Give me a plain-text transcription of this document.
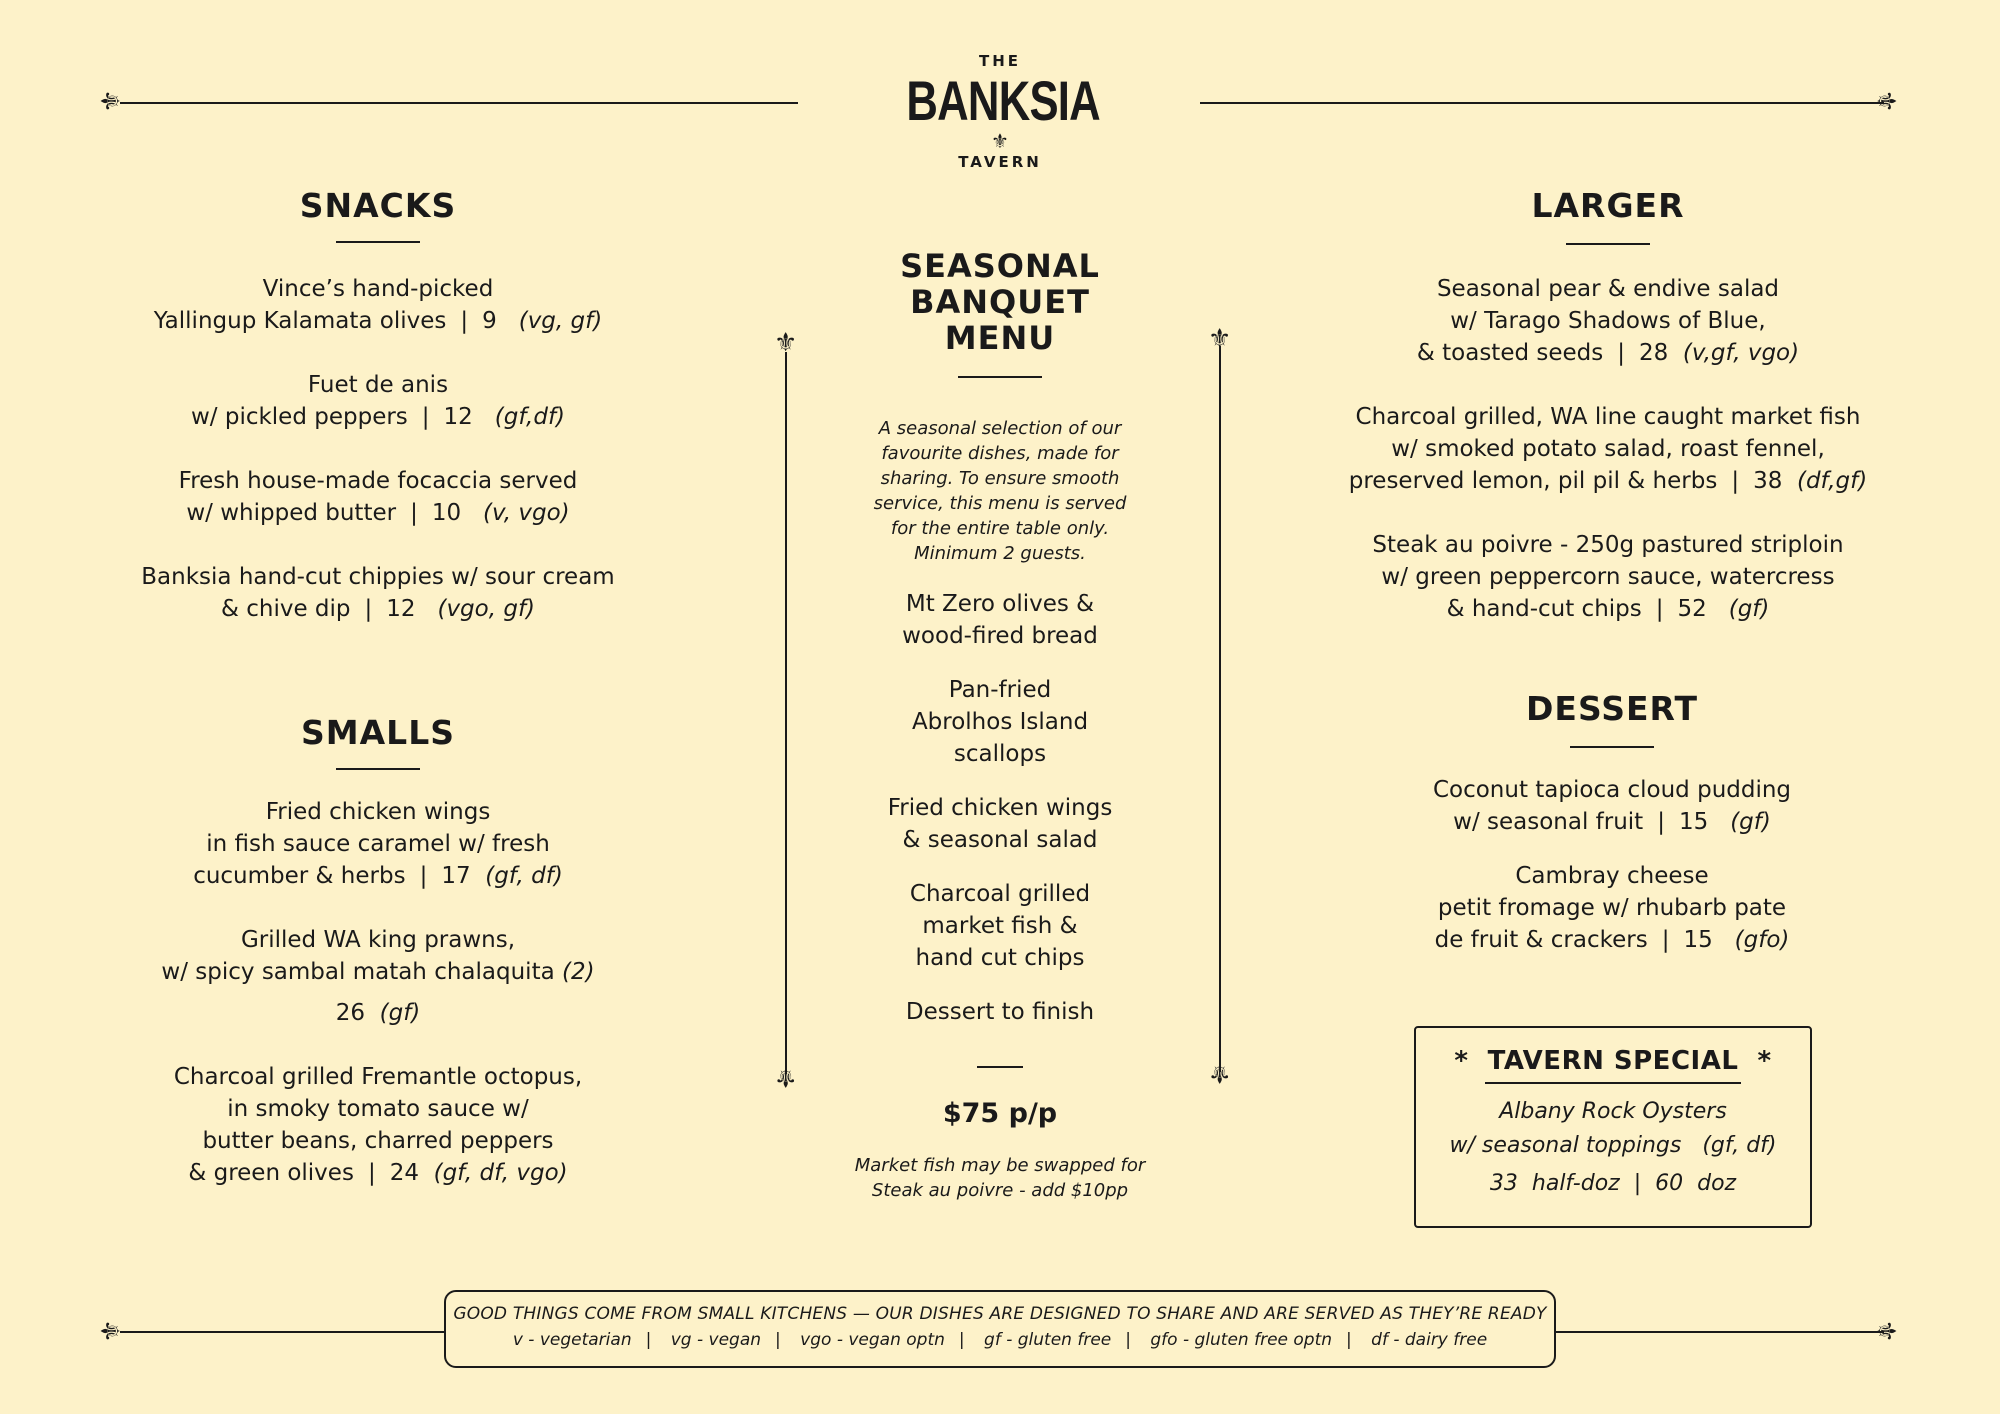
⚜	⚜
⚜	⚜
⚜
⚜
⚜
⚜
THE
BANKSIA
⚜
TAVERN
SNACKS
Vince’s hand-picked
Yallingup Kalamata olives | 9 (vg, gf)
Fuet de anis
w/ pickled peppers | 12 (gf,df)
Fresh house-made focaccia served
w/ whipped butter | 10 (v, vgo)
Banksia hand-cut chippies w/ sour cream
& chive dip | 12 (vgo, gf)
SMALLS
Fried chicken wings
in fish sauce caramel w/ fresh
cucumber & herbs | 17 (gf, df)
Grilled WA king prawns,
w/ spicy sambal matah chalaquita (2)
26 (gf)
Charcoal grilled Fremantle octopus,
in smoky tomato sauce w/
butter beans, charred peppers
& green olives | 24 (gf, df, vgo)
SEASONAL
BANQUET
MENU
A seasonal selection of our
favourite dishes, made for
sharing. To ensure smooth
service, this menu is served
for the entire table only.
Minimum 2 guests.
Mt Zero olives &
wood-fired bread
Pan-fried
Abrolhos Island
scallops
Fried chicken wings
& seasonal salad
Charcoal grilled
market fish &
hand cut chips
Dessert to finish
$75 p/p
Market fish may be swapped for
Steak au poivre - add $10pp
LARGER
Seasonal pear & endive salad
w/ Tarago Shadows of Blue,
& toasted seeds | 28 (v,gf, vgo)
Charcoal grilled, WA line caught market fish
w/ smoked potato salad, roast fennel,
preserved lemon, pil pil & herbs | 38 (df,gf)
Steak au poivre - 250g pastured striploin
w/ green peppercorn sauce, watercress
& hand-cut chips | 52 (gf)
DESSERT
Coconut tapioca cloud pudding
w/ seasonal fruit | 15 (gf)
Cambray cheese
petit fromage w/ rhubarb pate
de fruit & crackers | 15 (gfo)
* TAVERN SPECIAL *
Albany Rock Oysters
w/ seasonal toppings (gf, df)
33 half-doz | 60 doz
GOOD THINGS COME FROM SMALL KITCHENS — OUR DISHES ARE DESIGNED TO SHARE AND ARE SERVED AS THEY’RE READY
v - vegetarian | vg - vegan | vgo - vegan optn | gf - gluten free | gfo - gluten free optn | df - dairy free
